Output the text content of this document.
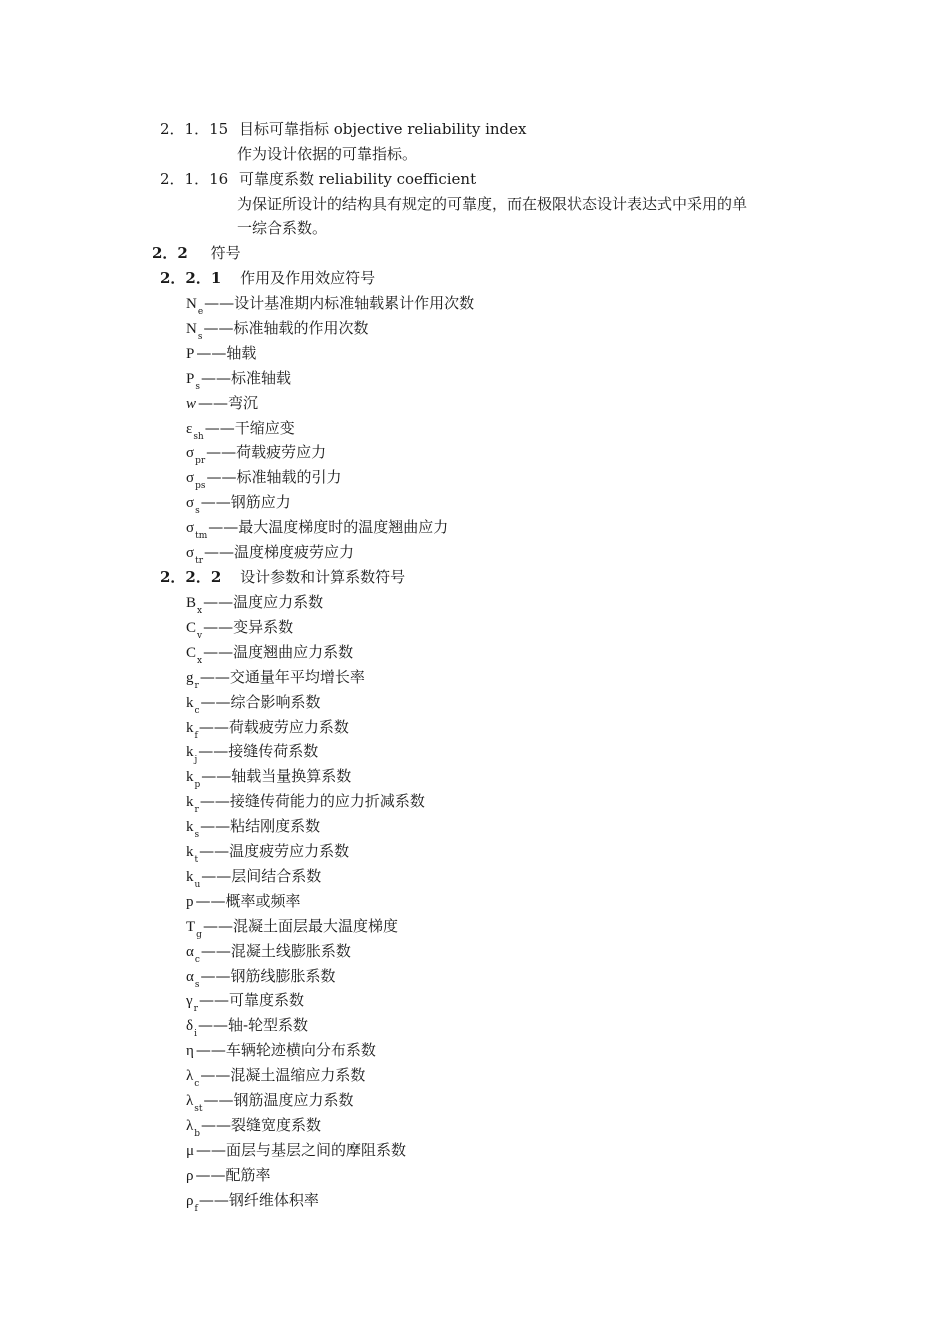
2．1．15 目标可靠指标 objective reliability index
作为设计依据的可靠指标。
2．1．16 可靠度系数 reliability coefficient
为保证所设计的结构具有规定的可靠度，而在极限状态设计表达式中采用的单
一综合系数。
2．2 符号
2．2．1 作用及作用效应符号
$N_e——$设计基准期内标准轴载累计作用次数
$N_s——$标准轴载的作用次数
P ——轴载
$P_s——$标准轴载
w ——弯沉
$\varepsilon_{sh}——$干缩应变
$\sigma_{pr}——$荷载疲劳应力
$\sigma_{ps}——$标准轴载的引力
$\sigma_s——$钢筋应力
$\sigma_{tm}——$最大温度梯度时的温度翘曲应力
$\sigma_{tr}——$温度梯度疲劳应力
2．2．2 设计参数和计算系数符号
$B_x——$温度应力系数
$C_v——$变异系数
$C_x——$温度翘曲应力系数
$g_r——$交通量年平均增长率
$k_c——$综合影响系数
$k_f——$荷载疲劳应力系数
$k_j——$接缝传荷系数
$k_p——$轴载当量换算系数
$k_r——$接缝传荷能力的应力折减系数
$k_s——$粘结刚度系数
$k_t——$温度疲劳应力系数
$k_u——$层间结合系数
p ——概率或频率
$T_g——$混凝土面层最大温度梯度
$\alpha_c——$混凝土线膨胀系数
$\alpha_s——$钢筋线膨胀系数
$\gamma_r——$可靠度系数
$\delta_i——$轴-轮型系数
η ——车辆轮迹横向分布系数
$\lambda_c——$混凝土温缩应力系数
$\lambda_{st}——$钢筋温度应力系数
$\lambda_b——$裂缝宽度系数
μ ——面层与基层之间的摩阻系数
ρ ——配筋率
$\rho_f——$钢纤维体积率
